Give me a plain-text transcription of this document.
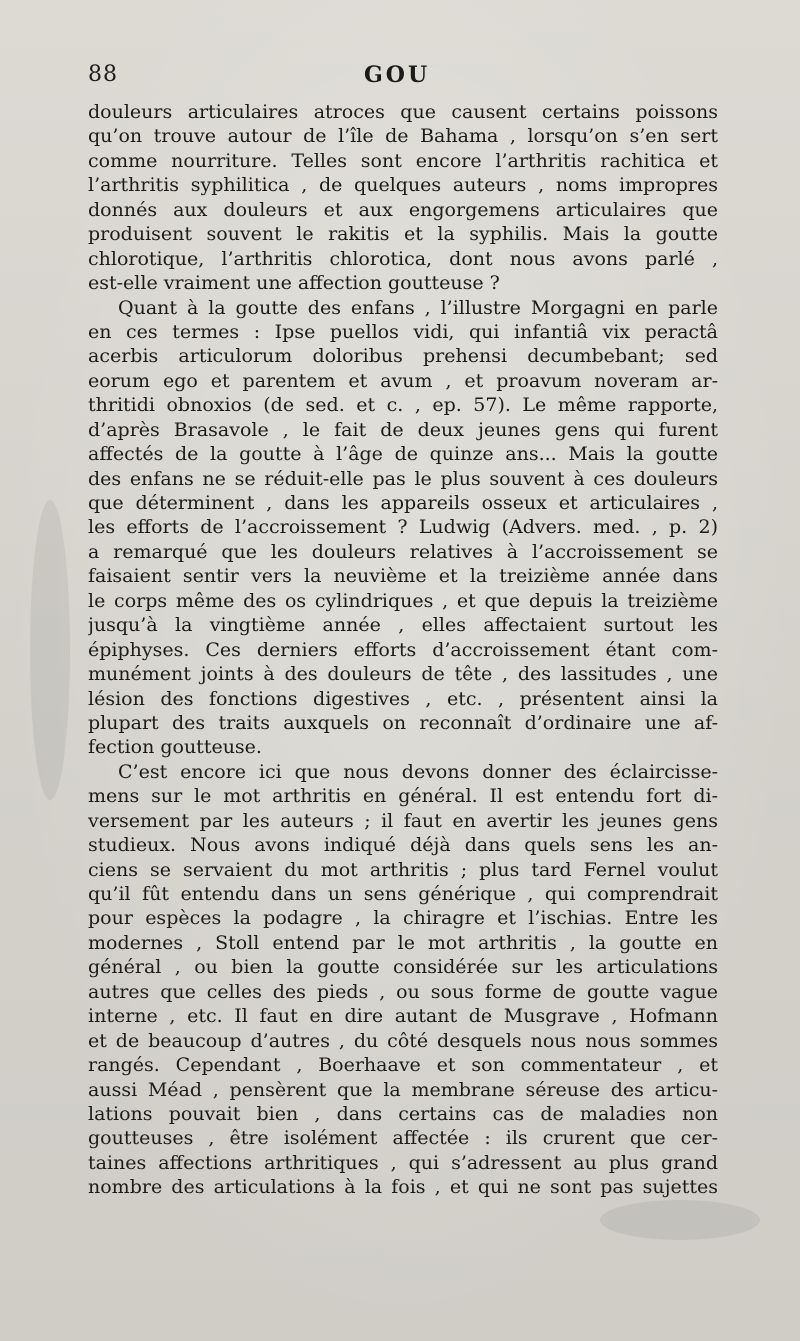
88	GOU
douleurs articulaires atroces que causent certains poissons
qu’on trouve autour de l’île de Bahama , lorsqu’on s’en sert
comme nourriture. Telles sont encore l’arthritis rachitica et
l’arthritis syphilitica , de quelques auteurs , noms impropres
donnés aux douleurs et aux engorgemens articulaires que
produisent souvent le rakitis et la syphilis. Mais la goutte
chlorotique, l’arthritis chlorotica, dont nous avons parlé ,
est-elle vraiment une affection goutteuse ?
Quant à la goutte des enfans , l’illustre Morgagni en parle
en ces termes : Ipse puellos vidi, qui infantiâ vix peractâ
acerbis articulorum doloribus prehensi decumbebant; sed
eorum ego et parentem et avum , et proavum noveram ar-
thritidi obnoxios (de sed. et c. , ep. 57). Le même rapporte,
d’après Brasavole , le fait de deux jeunes gens qui furent
affectés de la goutte à l’âge de quinze ans... Mais la goutte
des enfans ne se réduit-elle pas le plus souvent à ces douleurs
que déterminent , dans les appareils osseux et articulaires ,
les efforts de l’accroissement ? Ludwig (Advers. med. , p. 2)
a remarqué que les douleurs relatives à l’accroissement se
faisaient sentir vers la neuvième et la treizième année dans
le corps même des os cylindriques , et que depuis la treizième
jusqu’à la vingtième année , elles affectaient surtout les
épiphyses. Ces derniers efforts d’accroissement étant com-
munément joints à des douleurs de tête , des lassitudes , une
lésion des fonctions digestives , etc. , présentent ainsi la
plupart des traits auxquels on reconnaît d’ordinaire une af-
fection goutteuse.
C’est encore ici que nous devons donner des éclaircisse-
mens sur le mot arthritis en général. Il est entendu fort di-
versement par les auteurs ; il faut en avertir les jeunes gens
studieux. Nous avons indiqué déjà dans quels sens les an-
ciens se servaient du mot arthritis ; plus tard Fernel voulut
qu’il fût entendu dans un sens générique , qui comprendrait
pour espèces la podagre , la chiragre et l’ischias. Entre les
modernes , Stoll entend par le mot arthritis , la goutte en
général , ou bien la goutte considérée sur les articulations
autres que celles des pieds , ou sous forme de goutte vague
interne , etc. Il faut en dire autant de Musgrave , Hofmann
et de beaucoup d’autres , du côté desquels nous nous sommes
rangés. Cependant , Boerhaave et son commentateur , et
aussi Méad , pensèrent que la membrane séreuse des articu-
lations pouvait bien , dans certains cas de maladies non
goutteuses , être isolément affectée : ils crurent que cer-
taines affections arthritiques , qui s’adressent au plus grand
nombre des articulations à la fois , et qui ne sont pas sujettes
